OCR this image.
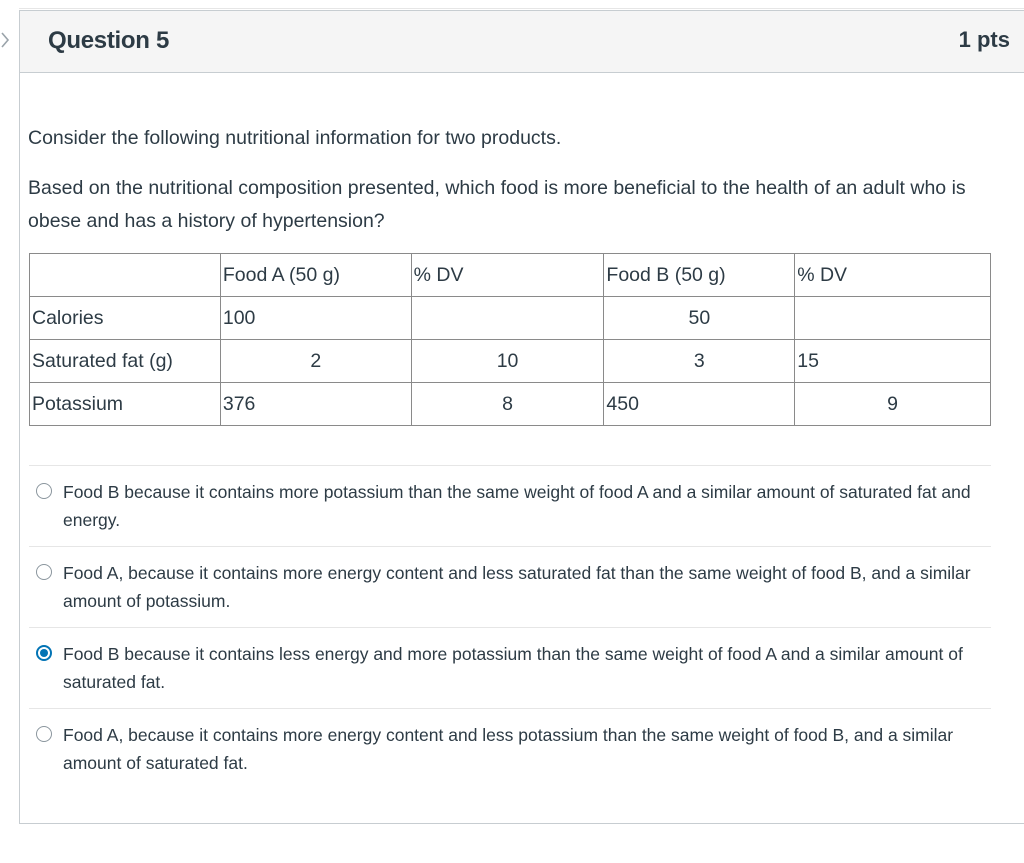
Question 5	1 pts

Consider the following nutritional information for two products.

Based on the nutritional composition presented, which food is more beneficial to the health of an adult who is obese and has a history of hypertension?

	Food A (50 g)	% DV	Food B (50 g)	% DV
Calories	100		50	
Saturated fat (g)	2	10	3	15
Potassium	376	8	450	9
Food B because it contains more potassium than the same weight of food A and a similar amount of saturated fat and energy.
Food A, because it contains more energy content and less saturated fat than the same weight of food B, and a similar amount of potassium.
Food B because it contains less energy and more potassium than the same weight of food A and a similar amount of saturated fat.
Food A, because it contains more energy content and less potassium than the same weight of food B, and a similar amount of saturated fat.
